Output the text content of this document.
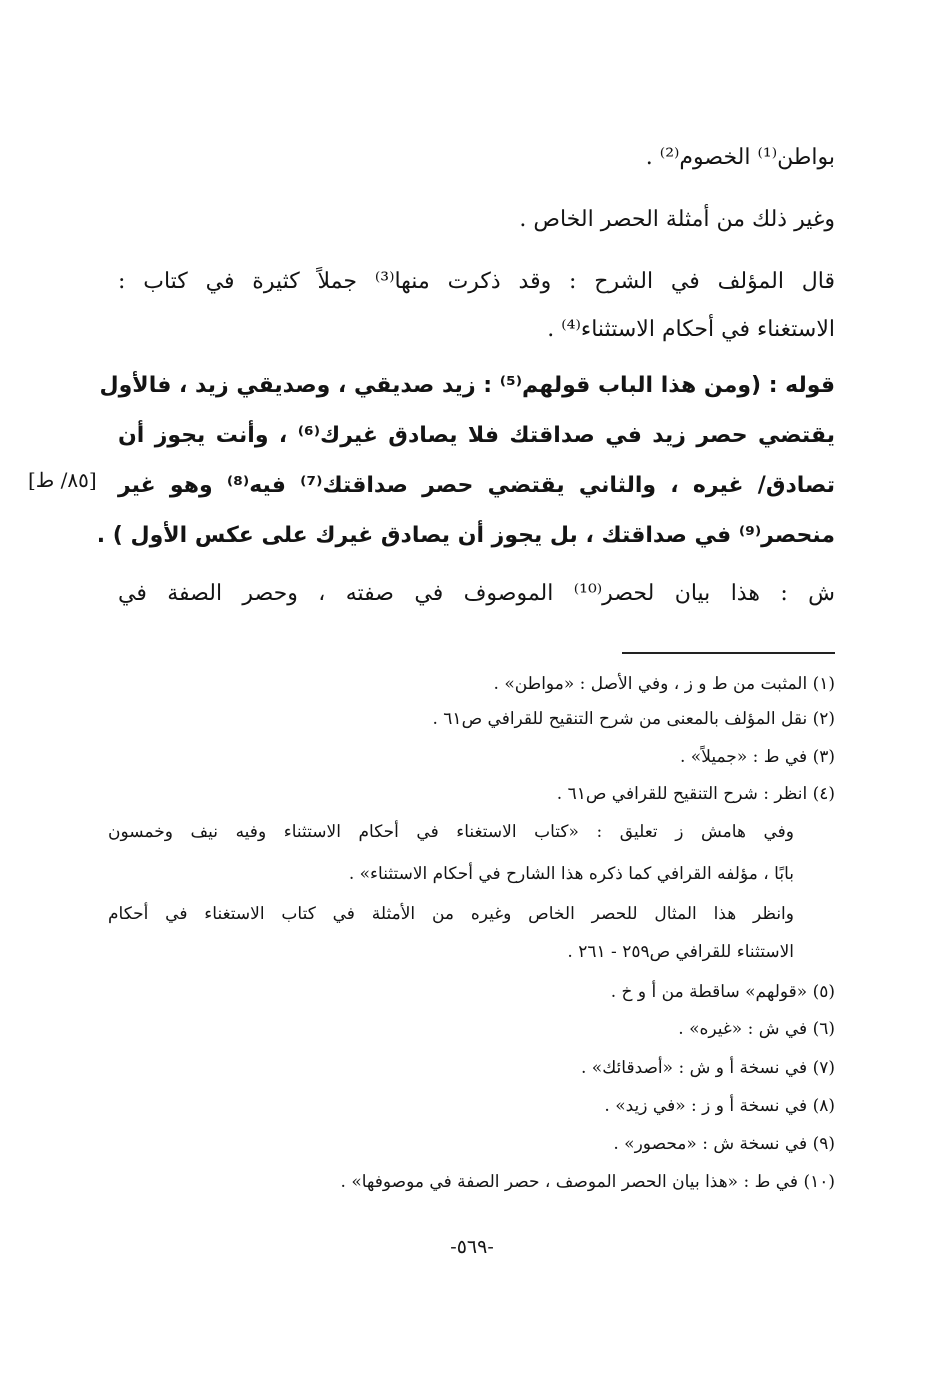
بواطن⁽¹⁾ الخصوم⁽²⁾ .
وغير ذلك من أمثلة الحصر الخاص .
قال المؤلف في الشرح : وقد ذكرت منها⁽³⁾ جملاً كثيرة في كتاب :
الاستغناء في أحكام الاستثناء⁽⁴⁾ .
قوله : (ومن هذا الباب قولهم⁽⁵⁾ : زيد صديقي ، وصديقي زيد ، فالأول
يقتضي حصر زيد في صداقتك فلا يصادق غيرك⁽⁶⁾ ، وأنت يجوز أن
تصادق/ غيره ، والثاني يقتضي حصر صداقتك⁽⁷⁾ فيه⁽⁸⁾ وهو غير
منحصر⁽⁹⁾ في صداقتك ، بل يجوز أن يصادق غيرك على عكس الأول ) .
ش : هذا بيان لحصر⁽¹⁰⁾ الموصوف في صفته ، وحصر الصفة في
[٨٥/ ط]
(١) المثبت من ط و ز ، وفي الأصل : «مواطن» .
(٢) نقل المؤلف بالمعنى من شرح التنقيح للقرافي ص٦١ .
(٣) في ط : «جميلاً» .
(٤) انظر : شرح التنقيح للقرافي ص٦١ .
وفي هامش ز تعليق : «كتاب الاستغناء في أحكام الاستثناء وفيه نيف وخمسون
بابًا ، مؤلفه القرافي كما ذكره هذا الشارح في أحكام الاستثناء» .
وانظر هذا المثال للحصر الخاص وغيره من الأمثلة في كتاب الاستغناء في أحكام
الاستثناء للقرافي ص٢٥٩ - ٢٦١ .
(٥) «قولهم» ساقطة من أ و خ .
(٦) في ش : «غيره» .
(٧) في نسخة أ و ش : «أصدقائك» .
(٨) في نسخة أ و ز : «في زيد» .
(٩) في نسخة ش : «محصور» .
(١٠) في ط : «هذا بيان الحصر الموصف ، حصر الصفة في موصوفها» .
-٥٦٩-
